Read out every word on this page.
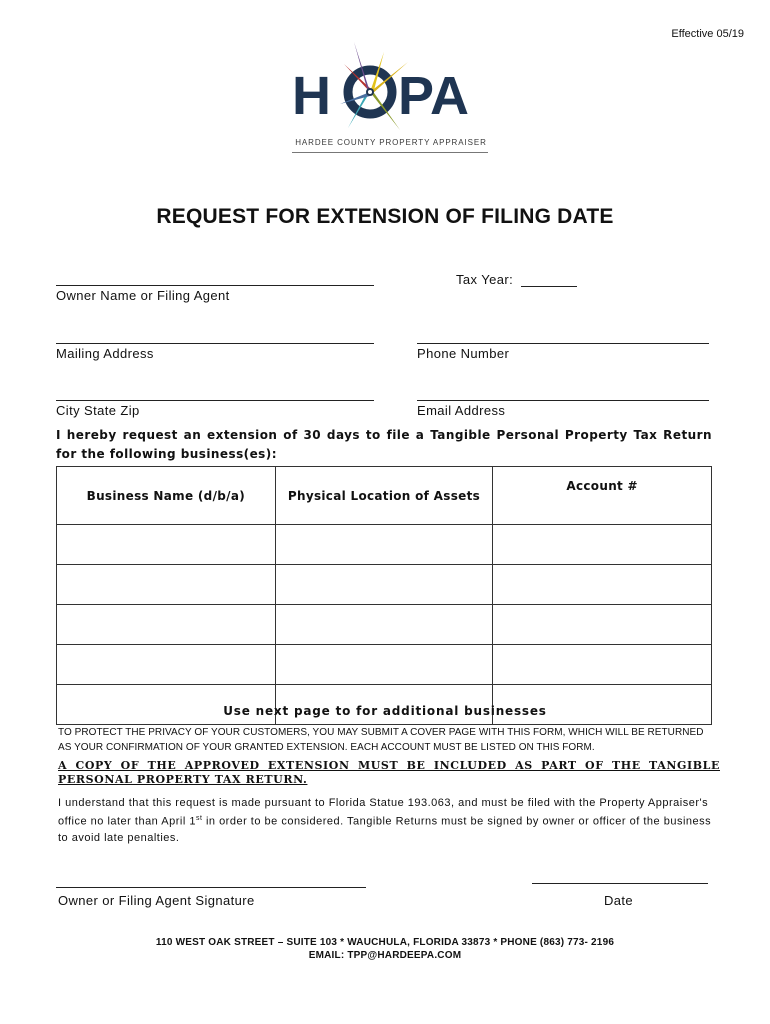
Effective 05/19
H PA
HARDEE COUNTY PROPERTY APPRAISER
REQUEST FOR EXTENSION OF FILING DATE
Owner Name or Filing Agent
Tax Year:
Mailing Address	Phone Number
City State Zip	Email Address
I hereby request an extension of 30 days to file a Tangible Personal Property Tax Return for the following business(es):
Business Name (d/b/a)	Physical Location of Assets	Account #

Use next page to for additional businesses
TO PROTECT THE PRIVACY OF YOUR CUSTOMERS, YOU MAY SUBMIT A COVER PAGE WITH THIS FORM, WHICH WILL BE RETURNED AS YOUR CONFIRMATION OF YOUR GRANTED EXTENSION. EACH ACCOUNT MUST BE LISTED ON THIS FORM.
A COPY OF THE APPROVED EXTENSION MUST BE INCLUDED AS PART OF THE TANGIBLE PERSONAL PROPERTY TAX RETURN.
I understand that this request is made pursuant to Florida Statue 193.063, and must be filed with the Property Appraiser's office no later than April 1st in order to be considered. Tangible Returns must be signed by owner or officer of the business to avoid late penalties.
Owner or Filing Agent Signature	Date
110 WEST OAK STREET – SUITE 103 * WAUCHULA, FLORIDA 33873 * PHONE (863) 773- 2196
EMAIL: TPP@HARDEEPA.COM
